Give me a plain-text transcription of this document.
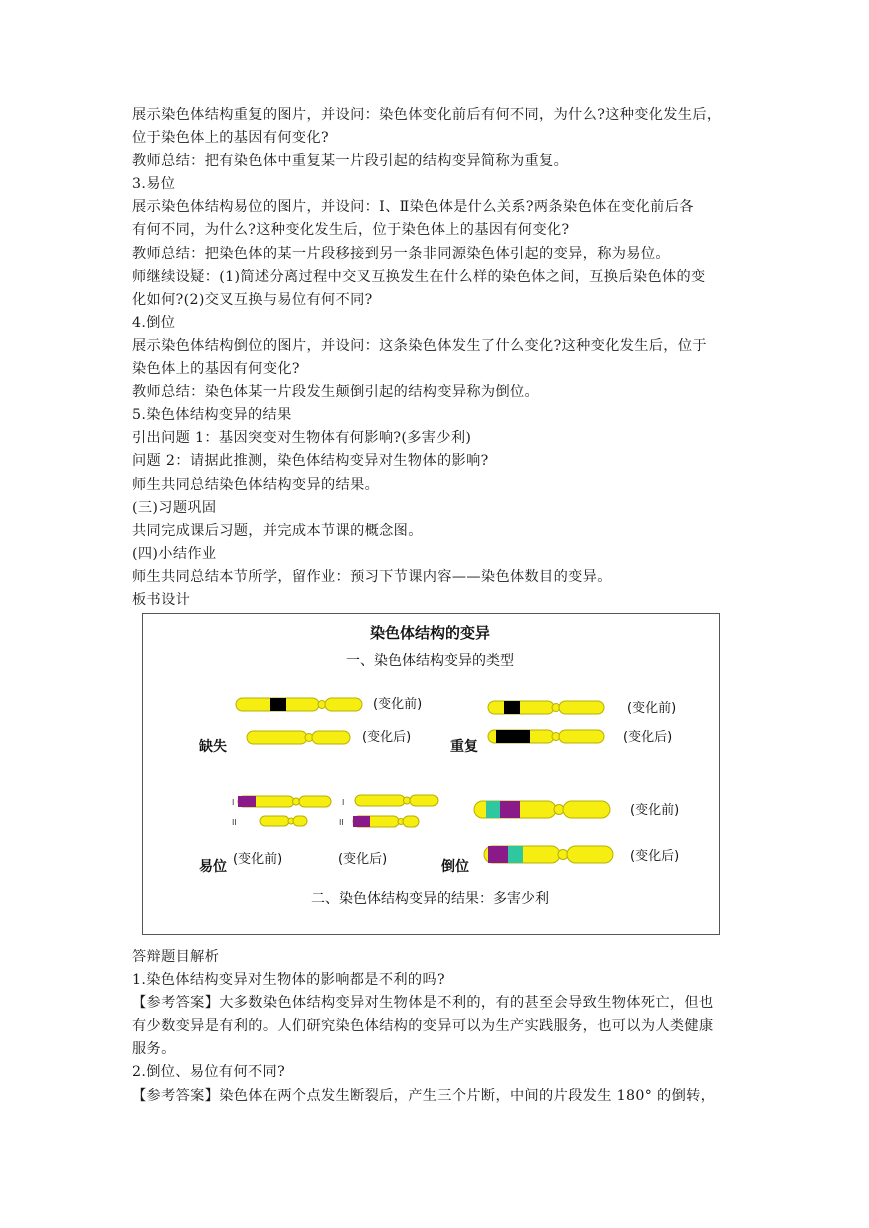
展示染色体结构重复的图片，并设问：染色体变化前后有何不同，为什么?这种变化发生后，
位于染色体上的基因有何变化?
教师总结：把有染色体中重复某一片段引起的结构变异简称为重复。
3.易位
展示染色体结构易位的图片，并设问：Ⅰ、Ⅱ染色体是什么关系?两条染色体在变化前后各
有何不同，为什么?这种变化发生后，位于染色体上的基因有何变化?
教师总结：把染色体的某一片段移接到另一条非同源染色体引起的变异，称为易位。
师继续设疑：(1)简述分离过程中交叉互换发生在什么样的染色体之间，互换后染色体的变
化如何?(2)交叉互换与易位有何不同?
4.倒位
展示染色体结构倒位的图片，并设问：这条染色体发生了什么变化?这种变化发生后，位于
染色体上的基因有何变化?
教师总结：染色体某一片段发生颠倒引起的结构变异称为倒位。
5.染色体结构变异的结果
引出问题 1：基因突变对生物体有何影响?(多害少利)
问题 2：请据此推测，染色体结构变异对生物体的影响?
师生共同总结染色体结构变异的结果。
(三)习题巩固
共同完成课后习题，并完成本节课的概念图。
(四)小结作业
师生共同总结本节所学，留作业：预习下节课内容——染色体数目的变异。
板书设计
染色体结构的变异
一、染色体结构变异的类型
(变化前)
(变化后)
缺失
(变化前)
(变化后)
重复
I
II
I
II
易位 (变化前)	(变化后)
(变化前)
(变化后)
倒位
二、染色体结构变异的结果：多害少利
答辩题目解析
1.染色体结构变异对生物体的影响都是不利的吗?
【参考答案】大多数染色体结构变异对生物体是不利的，有的甚至会导致生物体死亡，但也
有少数变异是有利的。人们研究染色体结构的变异可以为生产实践服务，也可以为人类健康
服务。
2.倒位、易位有何不同?
【参考答案】染色体在两个点发生断裂后，产生三个片断，中间的片段发生 180° 的倒转，
